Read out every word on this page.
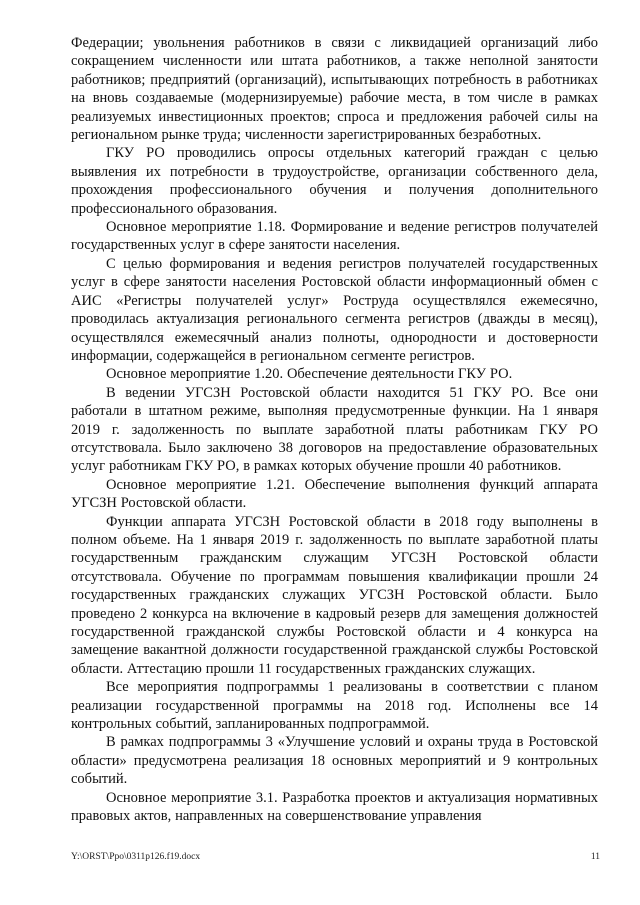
Федерации; увольнения работников в связи с ликвидацией организаций либо сокращением численности или штата работников, а также неполной занятости работников; предприятий (организаций), испытывающих потребность в работниках на вновь создаваемые (модернизируемые) рабочие места, в том числе в рамках реализуемых инвестиционных проектов; спроса и предложения рабочей силы на региональном рынке труда; численности зарегистрированных безработных.

ГКУ РО проводились опросы отдельных категорий граждан с целью выявления их потребности в трудоустройстве, организации собственного дела, прохождения профессионального обучения и получения дополнительного профессионального образования.

Основное мероприятие 1.18. Формирование и ведение регистров получателей государственных услуг в сфере занятости населения.

С целью формирования и ведения регистров получателей государственных услуг в сфере занятости населения Ростовской области информационный обмен с АИС «Регистры получателей услуг» Роструда осуществлялся ежемесячно, проводилась актуализация регионального сегмента регистров (дважды в месяц), осуществлялся ежемесячный анализ полноты, однородности и достоверности информации, содержащейся в региональном сегменте регистров.

Основное мероприятие 1.20. Обеспечение деятельности ГКУ РО.

В ведении УГСЗН Ростовской области находится 51 ГКУ РО. Все они работали в штатном режиме, выполняя предусмотренные функции. На 1 января 2019 г. задолженность по выплате заработной платы работникам ГКУ РО отсутствовала. Было заключено 38 договоров на предоставление образовательных услуг работникам ГКУ РО, в рамках которых обучение прошли 40 работников.

Основное мероприятие 1.21. Обеспечение выполнения функций аппарата УГСЗН Ростовской области.

Функции аппарата УГСЗН Ростовской области в 2018 году выполнены в полном объеме. На 1 января 2019 г. задолженность по выплате заработной платы государственным гражданским служащим УГСЗН Ростовской области отсутствовала. Обучение по программам повышения квалификации прошли 24 государственных гражданских служащих УГСЗН Ростовской области. Было проведено 2 конкурса на включение в кадровый резерв для замещения должностей государственной гражданской службы Ростовской области и 4 конкурса на замещение вакантной должности государственной гражданской службы Ростовской области. Аттестацию прошли 11 государственных гражданских служащих.

Все мероприятия подпрограммы 1 реализованы в соответствии с планом реализации государственной программы на 2018 год. Исполнены все 14 контрольных событий, запланированных подпрограммой.

В рамках подпрограммы 3 «Улучшение условий и охраны труда в Ростовской области» предусмотрена реализация 18 основных мероприятий и 9 контрольных событий.

Основное мероприятие 3.1. Разработка проектов и актуализация нормативных правовых актов, направленных на совершенствование управления

Y:\ORST\Ppo\0311p126.f19.docx	11
